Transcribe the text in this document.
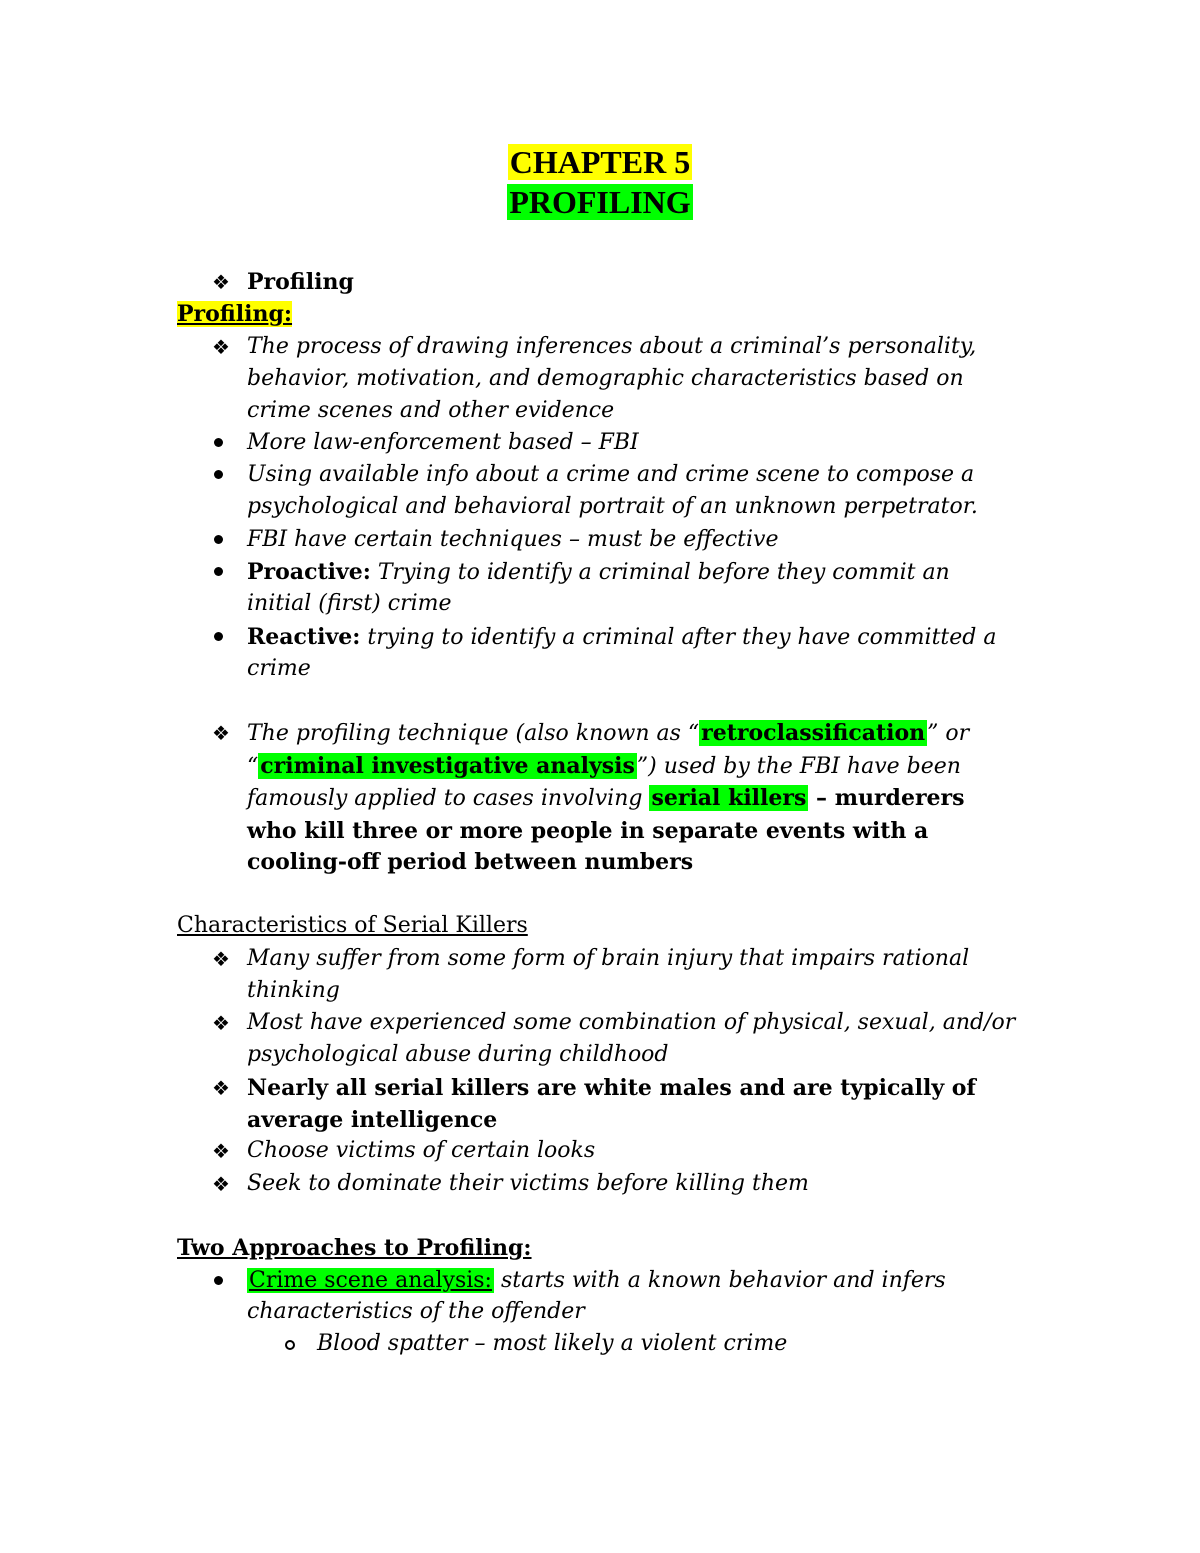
CHAPTER 5
PROFILING
❖ Profiling
Profiling:
❖ The process of drawing inferences about a criminal’s personality,
behavior, motivation, and demographic characteristics based on
crime scenes and other evidence
More law-enforcement based – FBI
Using available info about a crime and crime scene to compose a
psychological and behavioral portrait of an unknown perpetrator.
FBI have certain techniques – must be effective
Proactive: Trying to identify a criminal before they commit an
initial (first) crime
Reactive: trying to identify a criminal after they have committed a
crime
❖ The profiling technique (also known as “retroclassification” or
“criminal investigative analysis”) used by the FBI have been
famously applied to cases involving serial killers – murderers
who kill three or more people in separate events with a
cooling-off period between numbers
Characteristics of Serial Killers
❖ Many suffer from some form of brain injury that impairs rational
thinking
❖ Most have experienced some combination of physical, sexual, and/or
psychological abuse during childhood
❖ Nearly all serial killers are white males and are typically of
average intelligence
❖ Choose victims of certain looks
❖ Seek to dominate their victims before killing them
Two Approaches to Profiling:
Crime scene analysis: starts with a known behavior and infers
characteristics of the offender
Blood spatter – most likely a violent crime
